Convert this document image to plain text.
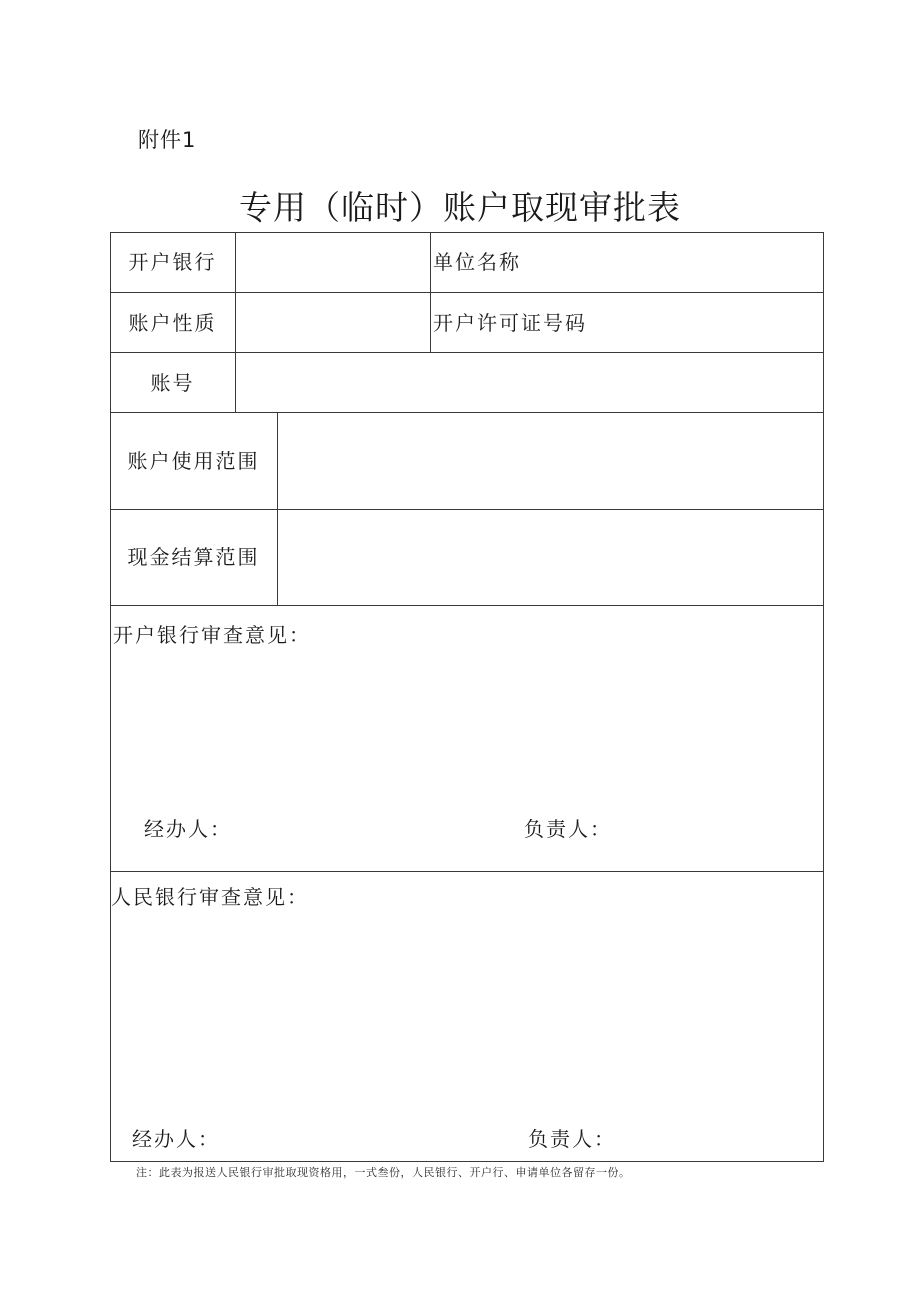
附件1
专用（临时）账户取现审批表
开户银行	单位名称
账户性质	开户许可证号码
账号
账户使用范围
现金结算范围
开户银行审查意见：
经办人：	负责人：
人民银行审查意见：
经办人：	负责人：
注：此表为报送人民银行审批取现资格用，一式叁份，人民银行、开户行、申请单位各留存一份。
